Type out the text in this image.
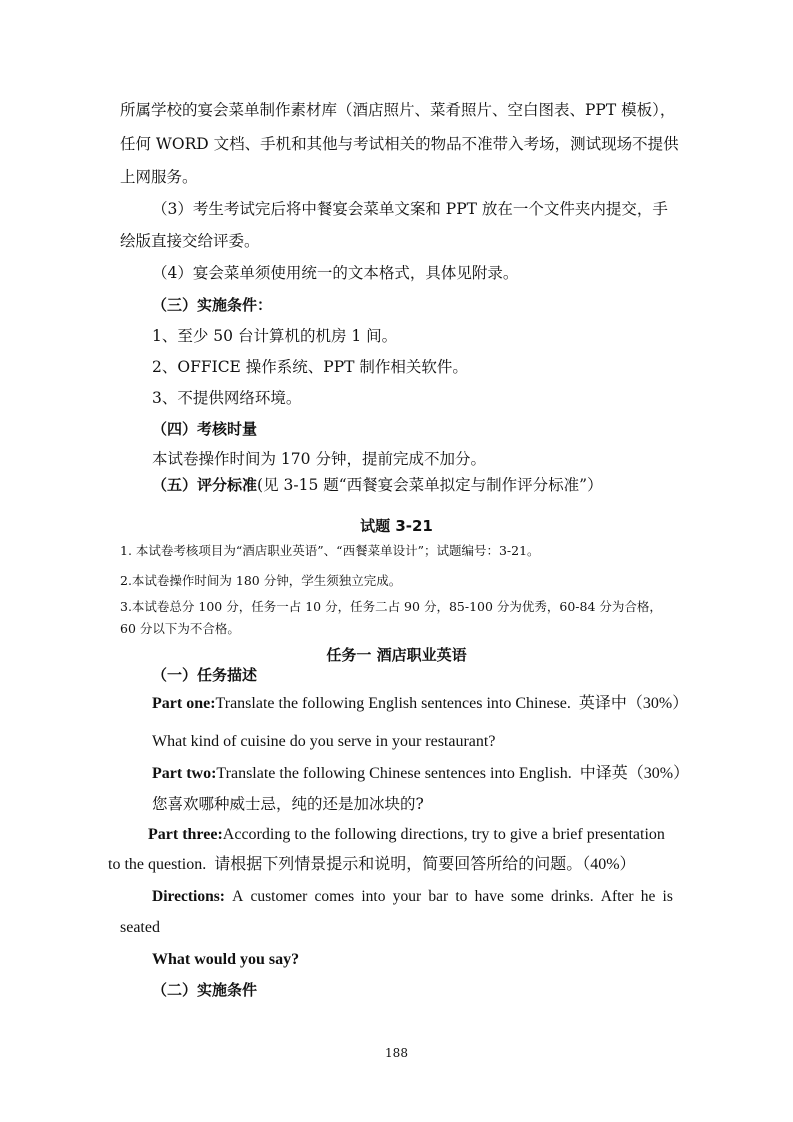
所属学校的宴会菜单制作素材库（酒店照片、菜肴照片、空白图表、PPT 模板），
任何 WORD 文档、手机和其他与考试相关的物品不准带入考场，测试现场不提供
上网服务。
（3）考生考试完后将中餐宴会菜单文案和 PPT 放在一个文件夹内提交，手
绘版直接交给评委。
（4）宴会菜单须使用统一的文本格式，具体见附录。
（三）实施条件：
1、至少 50 台计算机的机房 1 间。
2、OFFICE 操作系统、PPT 制作相关软件。
3、不提供网络环境。
（四）考核时量
本试卷操作时间为 170 分钟，提前完成不加分。
（五）评分标准(见 3-15 题“西餐宴会菜单拟定与制作评分标准”）
试题 3-21
1. 本试卷考核项目为“酒店职业英语”、“西餐菜单设计”；试题编号：3-21。
2.本试卷操作时间为 180 分钟，学生须独立完成。
3.本试卷总分 100 分，任务一占 10 分，任务二占 90 分，85-100 分为优秀，60-84 分为合格，
60 分以下为不合格。
任务一 酒店职业英语
（一）任务描述
Part one:Translate the following English sentences into Chinese. 英译中（30%）
What kind of cuisine do you serve in your restaurant?
Part two:Translate the following Chinese sentences into English. 中译英（30%）
您喜欢哪种威士忌，纯的还是加冰块的?
Part three:According to the following directions, try to give a brief presentation
to the question. 请根据下列情景提示和说明，简要回答所给的问题。（40%）
Directions: A customer comes into your bar to have some drinks. After he is
seated
What would you say?
（二）实施条件
188
